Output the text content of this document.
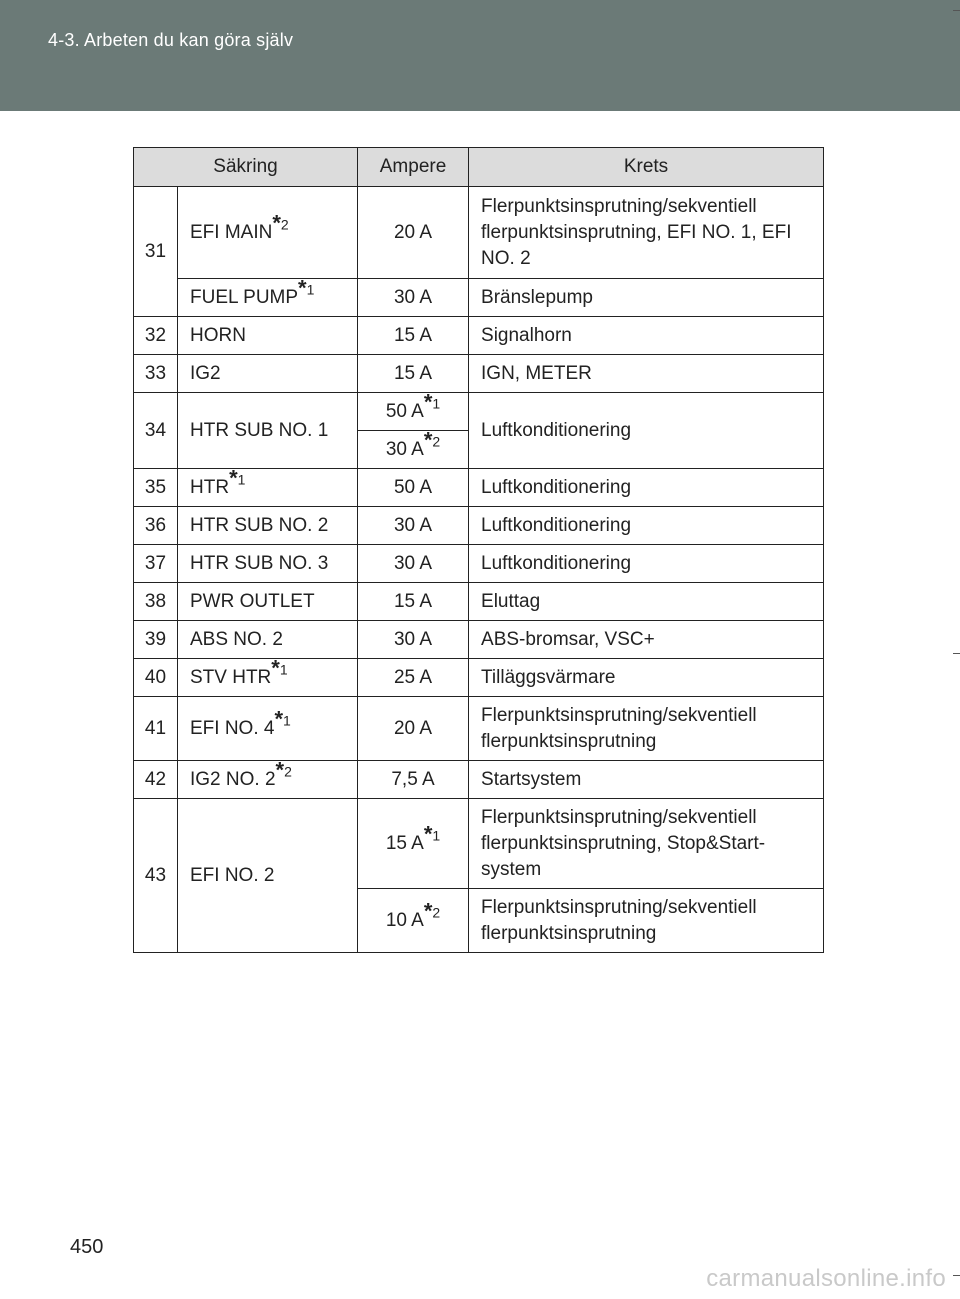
4-3. Arbeten du kan göra själv
Säkring		Ampere	Krets
31	EFI MAIN*$^2$	20 A	Flerpunktsinsprutning/sekventiell flerpunktsinsprutning, EFI NO. 1, EFI NO. 2
	FUEL PUMP*$^1$	30 A	Bränslepump
32	HORN	15 A	Signalhorn
33	IG2	15 A	IGN, METER
34	HTR SUB NO. 1	50 A*$^1$	Luftkonditionering
		30 A*$^2$
35	HTR*$^1$	50 A	Luftkonditionering
36	HTR SUB NO. 2	30 A	Luftkonditionering
37	HTR SUB NO. 3	30 A	Luftkonditionering
38	PWR OUTLET	15 A	Eluttag
39	ABS NO. 2	30 A	ABS-bromsar, VSC+
40	STV HTR*$^1$	25 A	Tilläggsvärmare
41	EFI NO. 4*$^1$	20 A	Flerpunktsinsprutning/sekventiell flerpunktsinsprutning
42	IG2 NO. 2*$^2$	7,5 A	Startsystem
43	EFI NO. 2	15 A*$^1$	Flerpunktsinsprutning/sekventiell flerpunktsinsprutning, Stop&Start-system
		10 A*$^2$	Flerpunktsinsprutning/sekventiell flerpunktsinsprutning
450
carmanualsonline.info
